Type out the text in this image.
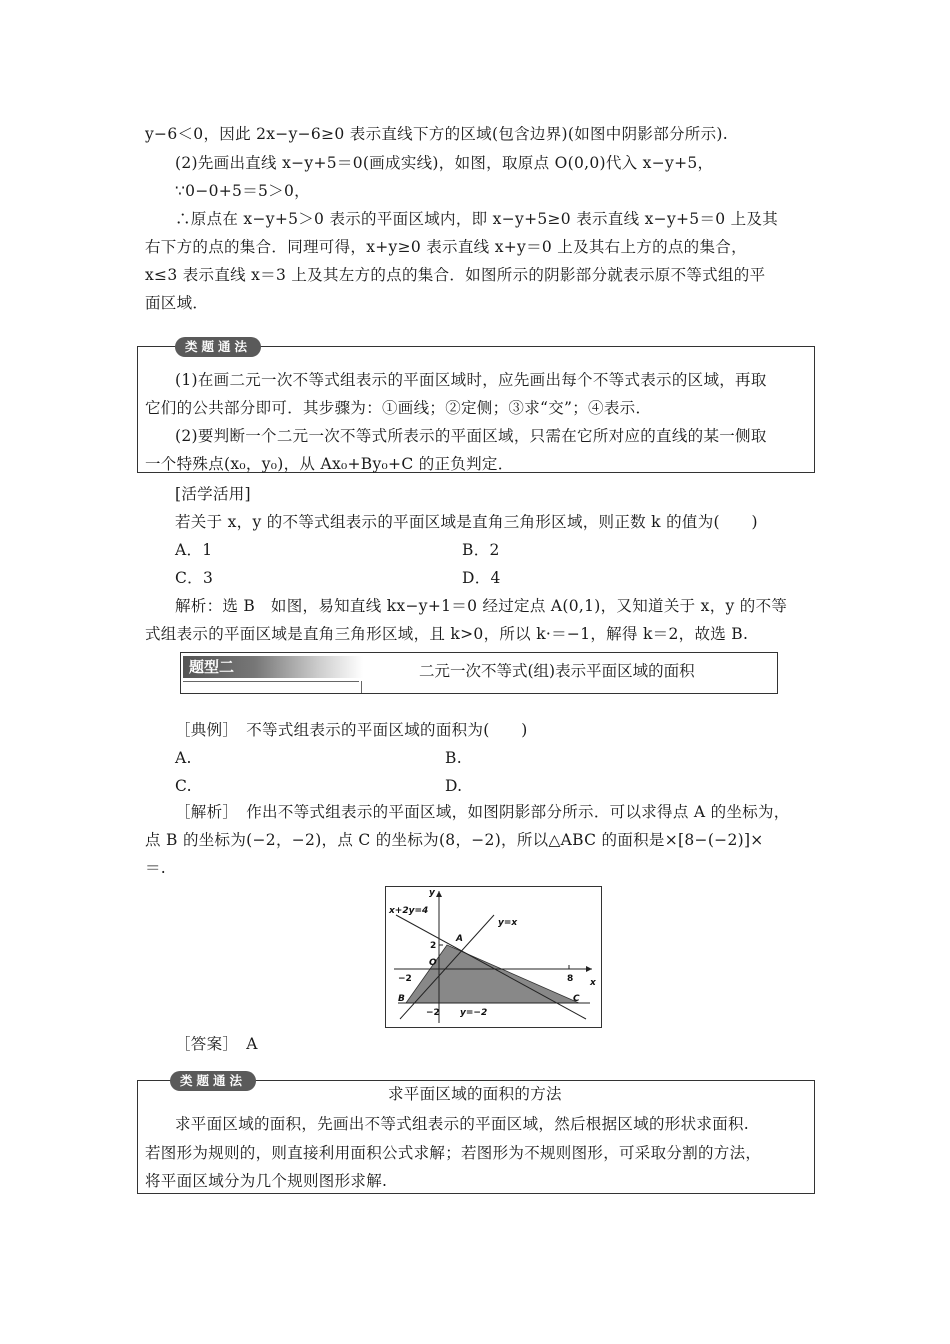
y−6＜0，因此 2x−y−6≥0 表示直线下方的区域(包含边界)(如图中阴影部分所示).
(2)先画出直线 x−y+5＝0(画成实线)，如图，取原点 O(0,0)代入 x−y+5，
∵0−0+5＝5＞0，
∴原点在 x−y+5＞0 表示的平面区域内，即 x−y+5≥0 表示直线 x−y+5＝0 上及其
右下方的点的集合．同理可得，x+y≥0 表示直线 x+y＝0 上及其右上方的点的集合，
x≤3 表示直线 x＝3 上及其左方的点的集合．如图所示的阴影部分就表示原不等式组的平
面区域．
类题通法
(1)在画二元一次不等式组表示的平面区域时，应先画出每个不等式表示的区域，再取
它们的公共部分即可．其步骤为：①画线；②定侧；③求“交”；④表示．
(2)要判断一个二元一次不等式所表示的平面区域，只需在它所对应的直线的某一侧取
一个特殊点(x₀，y₀)，从 Ax₀+By₀+C 的正负判定．
[活学活用]
若关于 x，y 的不等式组表示的平面区域是直角三角形区域，则正数 k 的值为(　　)
A．1	B．2
C．3	D．4
解析：选 B　如图，易知直线 kx−y+1＝0 经过定点 A(0,1)，又知道关于 x，y 的不等
式组表示的平面区域是直角三角形区域，且 k>0，所以 k·＝−1，解得 k＝2，故选 B.
题型二	二元一次不等式(组)表示平面区域的面积
［典例］　不等式组表示的平面区域的面积为(　　)
A.	B.
C.	D.
［解析］　作出不等式组表示的平面区域，如图阴影部分所示．可以求得点 A 的坐标为，
点 B 的坐标为(−2，−2)，点 C 的坐标为(8，−2)，所以△ABC 的面积是×[8−(−2)]×
＝.
x+2y=4
y=x
y=−2
x
y
O
A
B	C
2
−2	8
−2
［答案］　A
类题通法
求平面区域的面积的方法
求平面区域的面积，先画出不等式组表示的平面区域，然后根据区域的形状求面积.
若图形为规则的，则直接利用面积公式求解；若图形为不规则图形，可采取分割的方法，
将平面区域分为几个规则图形求解.
